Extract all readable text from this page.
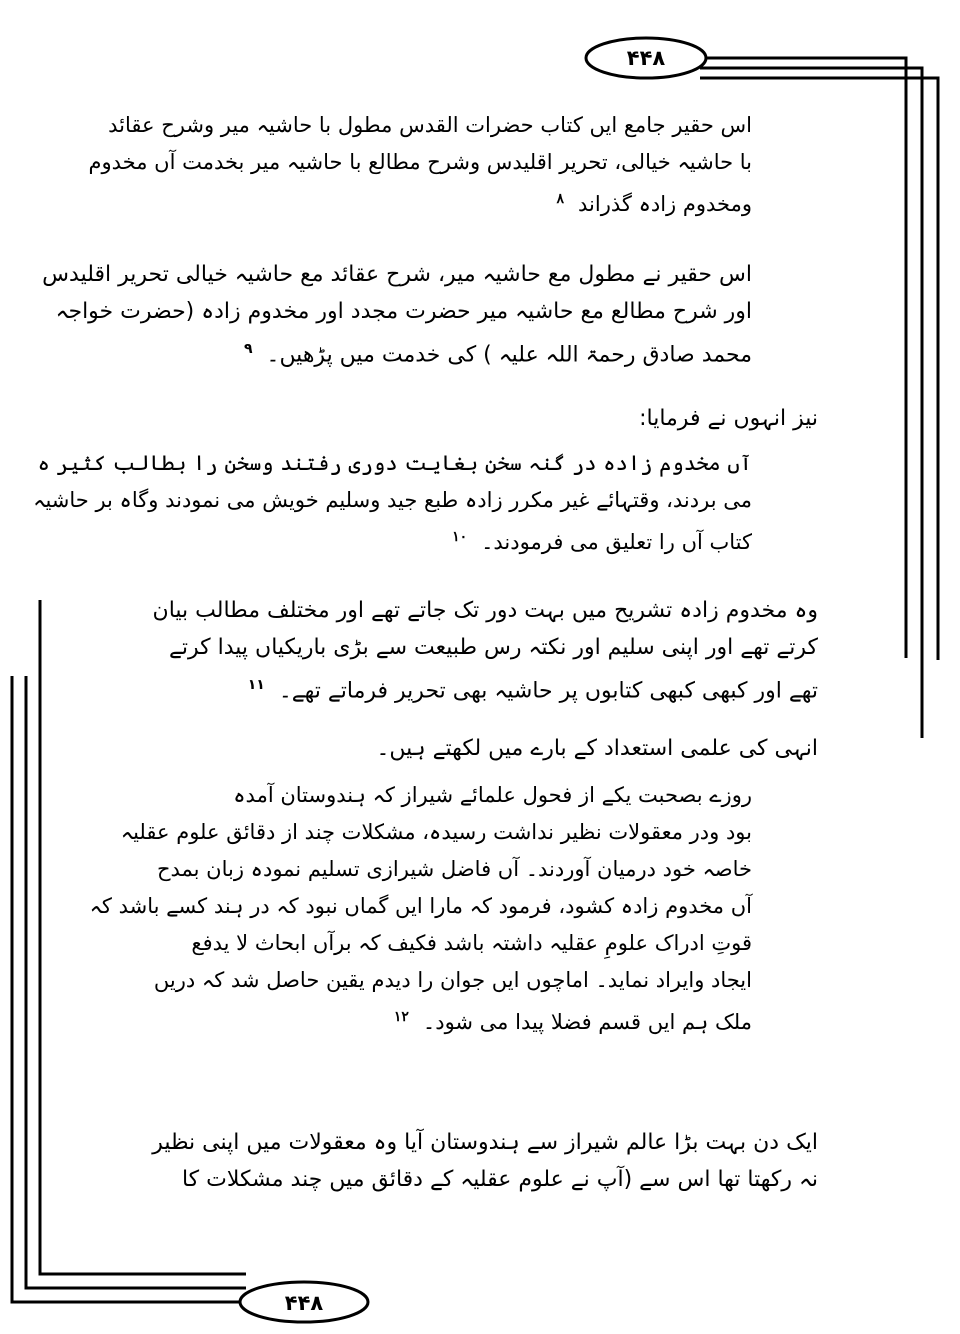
۴۴۸
۴۴۸
اس حقیر جامع ایں کتاب حضرات القدس مطول با حاشیہ میر وشرح عقائد
با حاشیہ خیالی، تحریر اقلیدس وشرح مطالع با حاشیہ میر بخدمت آں مخدوم
ومخدوم زادہ گذراند$^۸$
اس حقیر نے مطول مع حاشیہ میر، شرح عقائد مع حاشیہ خیالی تحریر اقلیدس
اور شرح مطالع مع حاشیہ میر حضرت مجدد اور مخدوم زادہ (حضرت خواجہ
محمد صادق رحمۃ اللہ علیہ ) کی خدمت میں پڑھیں۔$^۹$
نیز انہوں نے فرمایا:
آں مخدوم زادہ در گنہ سخن بغایت دوری رفتند وسخن را بطالب کثیر ہ
می بردند، وقتہائے غیر مکرر زادہ طبع جید وسلیم خویش می نمودند وگاہ بر حاشیہ
کتاب آں را تعلیق می فرمودند۔$^{۱۰}$
وہ مخدوم زادہ تشریح میں بہت دور تک جاتے تھے اور مختلف مطالب بیان
کرتے تھے اور اپنی سلیم اور نکتہ رس طبیعت سے بڑی باریکیاں پیدا کرتے
تھے اور کبھی کبھی کتابوں پر حاشیہ بھی تحریر فرماتے تھے۔$^{۱۱}$
انہی کی علمی استعداد کے بارے میں لکھتے ہیں۔
روزے بصحبت یکے از فحول علمائے شیراز کہ ہندوستان آمدہ
بود ودر معقولات نظیر نداشت رسیدہ، مشکلات چند از دقائق علوم عقلیہ
خاصہ خود درمیان آوردند۔ آں فاضل شیرازی تسلیم نمودہ زبان بمدح
آں مخدوم زادہ کشود، فرمود کہ مارا ایں گماں نبود کہ در ہند کسے باشد کہ
قوتِ ادراک علومِ عقلیہ داشتہ باشد فکیف کہ برآں ابحاث لا یدفع
ایجاد وایراد نماید۔ اماچوں ایں جوان را دیدم یقین حاصل شد کہ دریں
ملک ہم ایں قسم فضلا پیدا می شود۔$^{۱۲}$
ایک دن بہت بڑا عالم شیراز سے ہندوستان آیا وہ معقولات میں اپنی نظیر
نہ رکھتا تھا اس سے (آپ نے علوم عقلیہ کے دقائق میں چند مشکلات کا
